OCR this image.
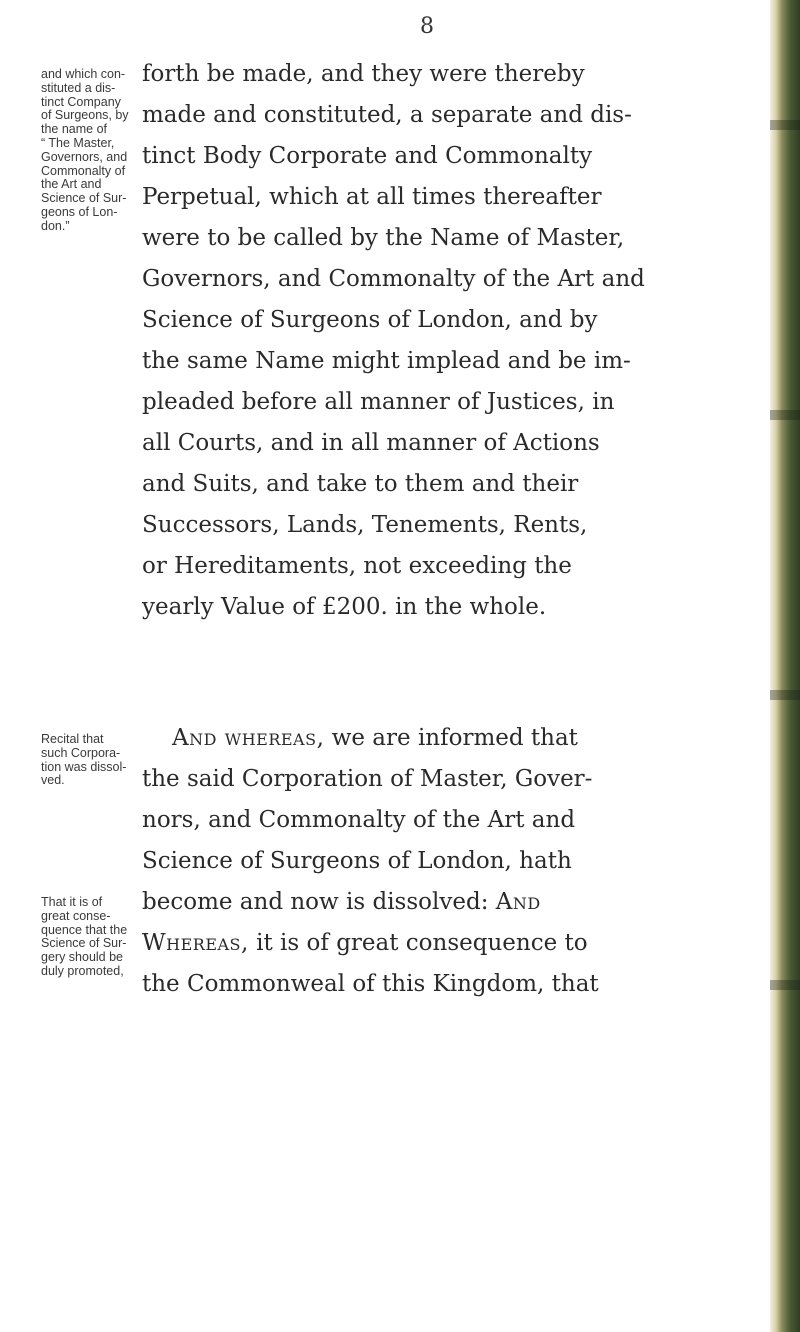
8
and which con-
stituted a dis-
tinct Company
of Surgeons, by
the name of
“ The Master,
Governors, and
Commonalty of
the Art and
Science of Sur-
geons of Lon-
don.”
Recital that
such Corpora-
tion was dissol-
ved.
That it is of
great conse-
quence that the
Science of Sur-
gery should be
duly promoted,
forth be made, and they were thereby
made and constituted, a separate and dis-
tinct Body Corporate and Commonalty
Perpetual, which at all times thereafter
were to be called by the Name of Master,
Governors, and Commonalty of the Art and
Science of Surgeons of London, and by
the same Name might implead and be im-
pleaded before all manner of Justices, in
all Courts, and in all manner of Actions
and Suits, and take to them and their
Successors, Lands, Tenements, Rents,
or Hereditaments, not exceeding the
yearly Value of £200. in the whole.
And whereas, we are informed that
the said Corporation of Master, Gover-
nors, and Commonalty of the Art and
Science of Surgeons of London, hath
become and now is dissolved: And
Whereas, it is of great consequence to
the Commonweal of this Kingdom, that
